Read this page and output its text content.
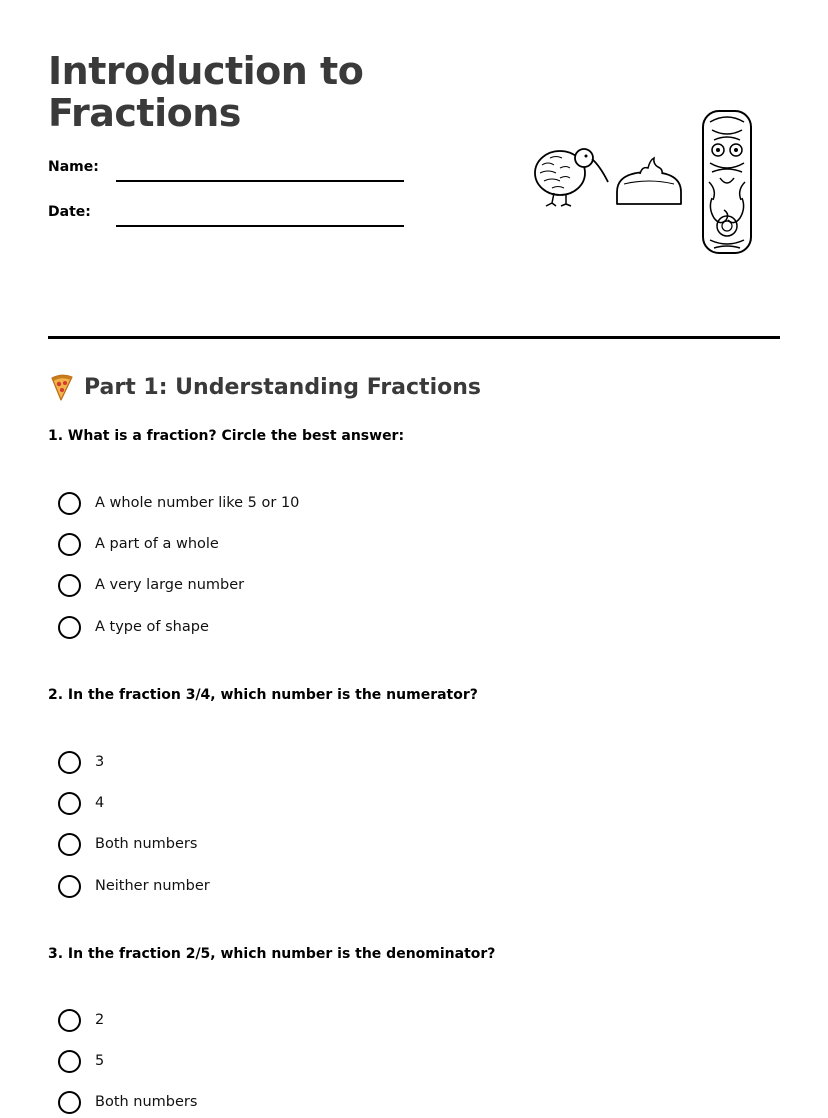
Introduction to
Fractions
Name:
Date:
Part 1: Understanding Fractions
1. What is a fraction? Circle the best answer:
A whole number like 5 or 10
A part of a whole
A very large number
A type of shape
2. In the fraction 3/4, which number is the numerator?
3
4
Both numbers
Neither number
3. In the fraction 2/5, which number is the denominator?
2
5
Both numbers
